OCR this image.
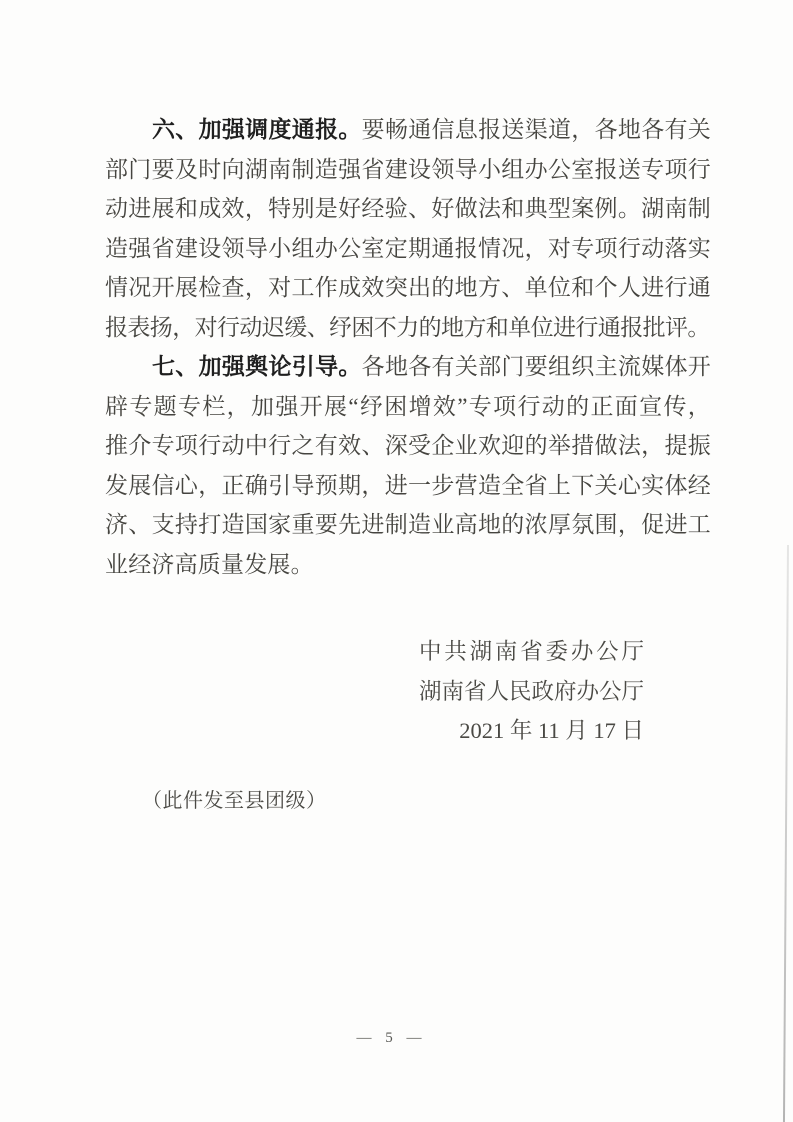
六、加强调度通报。要畅通信息报送渠道，各地各有关
部门要及时向湖南制造强省建设领导小组办公室报送专项行
动进展和成效，特别是好经验、好做法和典型案例。湖南制
造强省建设领导小组办公室定期通报情况，对专项行动落实
情况开展检查，对工作成效突出的地方、单位和个人进行通
报表扬，对行动迟缓、纾困不力的地方和单位进行通报批评。
七、加强舆论引导。各地各有关部门要组织主流媒体开
辟专题专栏，加强开展“纾困增效”专项行动的正面宣传，
推介专项行动中行之有效、深受企业欢迎的举措做法，提振
发展信心，正确引导预期，进一步营造全省上下关心实体经
济、支持打造国家重要先进制造业高地的浓厚氛围，促进工
业经济高质量发展。
中共湖南省委办公厅
湖南省人民政府办公厅
2021 年 11 月 17 日
（此件发至县团级）
— 5 —
